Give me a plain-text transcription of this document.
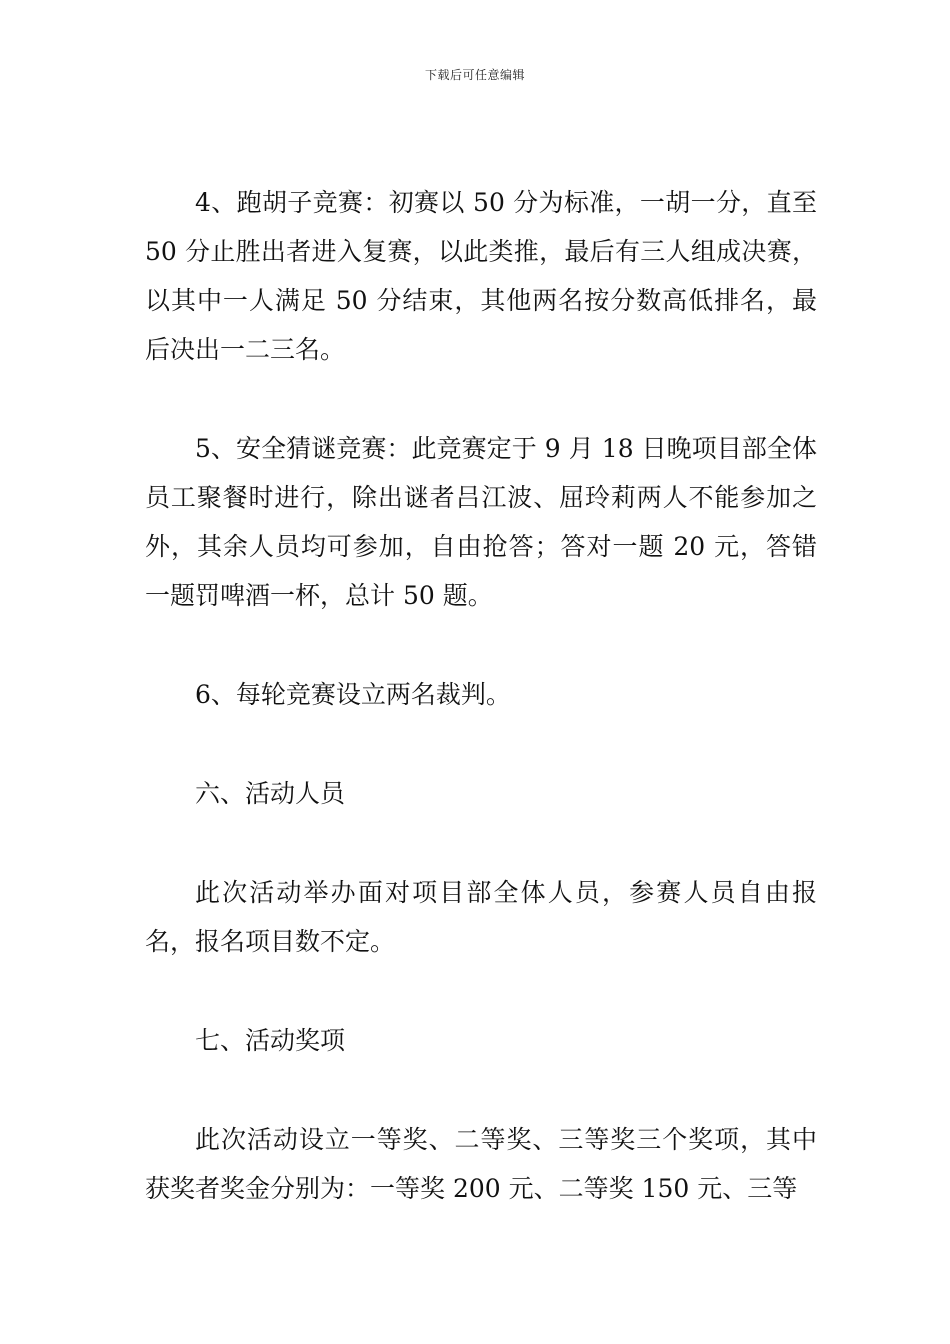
下载后可任意编辑

4、跑胡子竞赛：初赛以 50 分为标准，一胡一分，直至 50 分止胜出者进入复赛，以此类推，最后有三人组成决赛，以其中一人满足 50 分结束，其他两名按分数高低排名，最后决出一二三名。

5、安全猜谜竞赛：此竞赛定于 9 月 18 日晚项目部全体员工聚餐时进行，除出谜者吕江波、屈玲莉两人不能参加之外，其余人员均可参加，自由抢答；答对一题 20 元，答错一题罚啤酒一杯，总计 50 题。

6、每轮竞赛设立两名裁判。

六、活动人员

此次活动举办面对项目部全体人员，参赛人员自由报名，报名项目数不定。

七、活动奖项

此次活动设立一等奖、二等奖、三等奖三个奖项，其中获奖者奖金分别为：一等奖 200 元、二等奖 150 元、三等
